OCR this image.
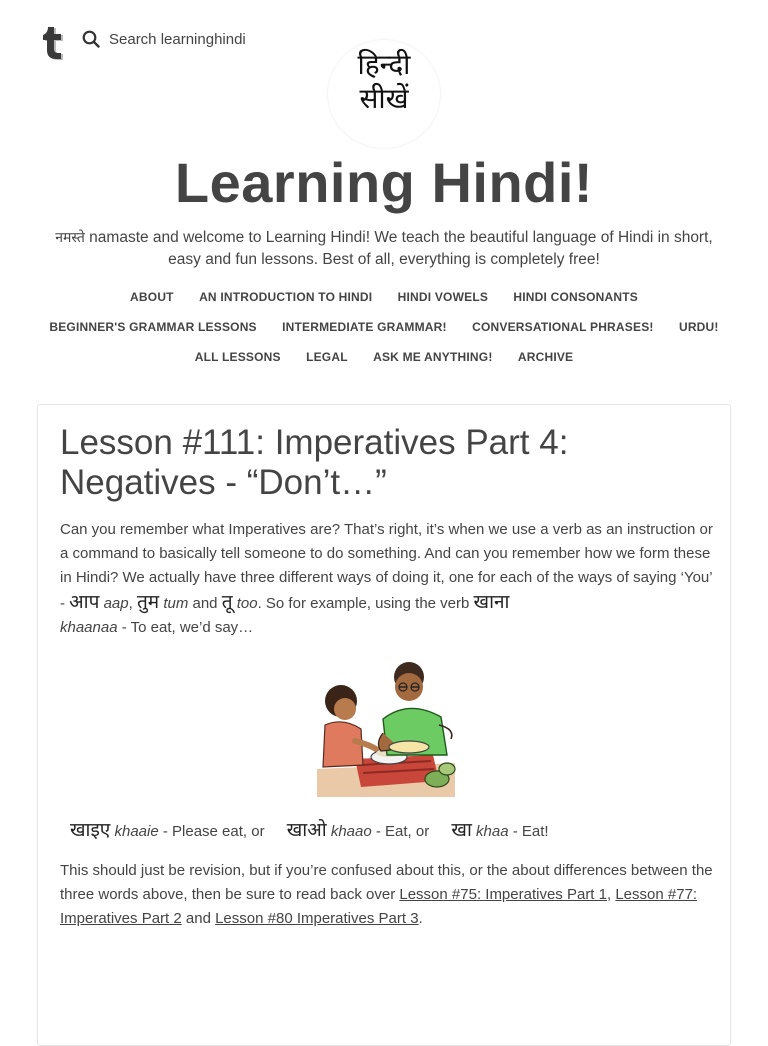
Search learninghindi
हिन्दी
सीखें
Learning Hindi!
नमस्ते namaste and welcome to Learning Hindi! We teach the beautiful language of Hindi in short, easy and fun lessons. Best of all, everything is completely free!
ABOUT AN INTRODUCTION TO HINDI HINDI VOWELS HINDI CONSONANTS
BEGINNER'S GRAMMAR LESSONS INTERMEDIATE GRAMMAR! CONVERSATIONAL PHRASES! URDU!
ALL LESSONS LEGAL ASK ME ANYTHING! ARCHIVE
Lesson #111: Imperatives Part 4: Negatives - “Don’t…”
Can you remember what Imperatives are? That’s right, it’s when we use a verb as an instruction or a command to basically tell someone to do something. And can you remember how we form these in Hindi? We actually have three different ways of doing it, one for each of the ways of saying ‘You’ - आप aap, तुम tum and तू too. So for example, using the verb खाना
khaanaa - To eat, we’d say…
खाइए khaaie - Please eat, or खाओ khaao - Eat, or खा khaa - Eat!
This should just be revision, but if you’re confused about this, or the about differences between the three words above, then be sure to read back over Lesson #75: Imperatives Part 1, Lesson #77: Imperatives Part 2 and Lesson #80 Imperatives Part 3.
